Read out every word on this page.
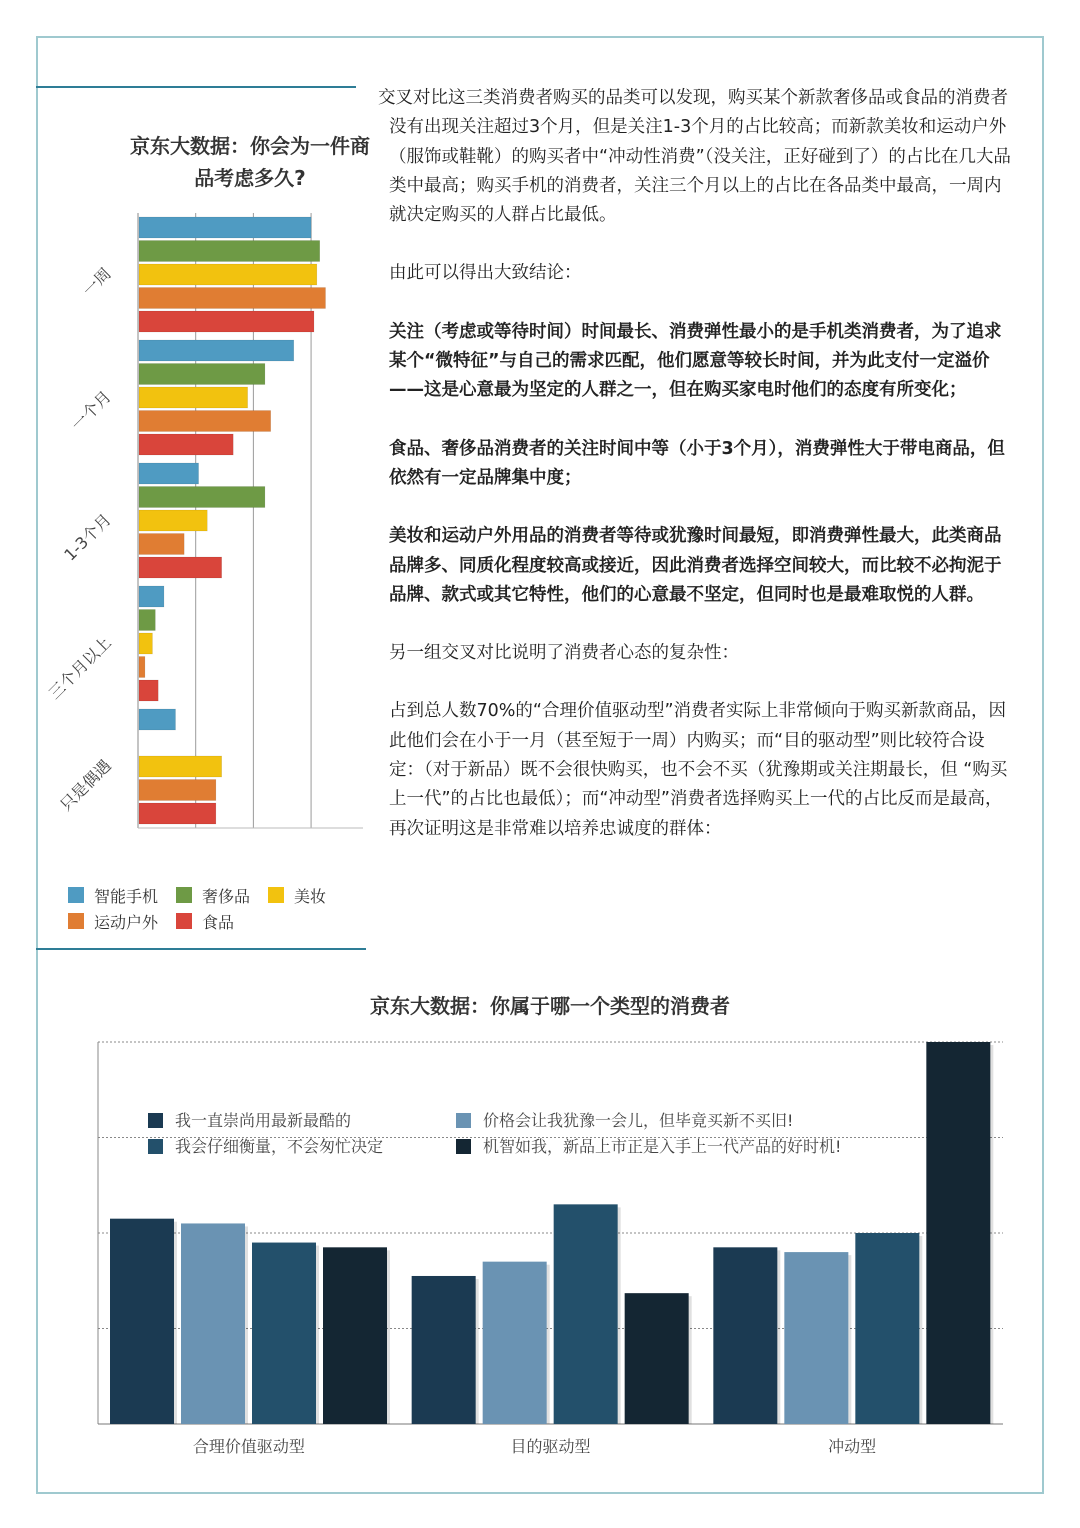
京东大数据：你会为一件商品考虑多久?
一周
一个月
1-3个月
三个月以上
只是偶遇
智能手机	奢侈品	美妆

运动户外	食品
交叉对比这三类消费者购买的品类可以发现，购买某个新款奢侈品或食品的消费者没有出现关注超过3个月，但是关注1-3个月的占比较高；而新款美妆和运动户外（服饰或鞋靴）的购买者中“冲动性消费”（没关注，正好碰到了）的占比在几大品类中最高；购买手机的消费者，关注三个月以上的占比在各品类中最高，一周内就决定购买的人群占比最低。
由此可以得出大致结论：
关注（考虑或等待时间）时间最长、消费弹性最小的是手机类消费者，为了追求某个“微特征”与自己的需求匹配，他们愿意等较长时间，并为此支付一定溢价——这是心意最为坚定的人群之一，但在购买家电时他们的态度有所变化；
食品、奢侈品消费者的关注时间中等（小于3个月），消费弹性大于带电商品，但依然有一定品牌集中度；
美妆和运动户外用品的消费者等待或犹豫时间最短，即消费弹性最大，此类商品品牌多、同质化程度较高或接近，因此消费者选择空间较大，而比较不必拘泥于品牌、款式或其它特性，他们的心意最不坚定，但同时也是最难取悦的人群。
另一组交叉对比说明了消费者心态的复杂性：
占到总人数70%的“合理价值驱动型”消费者实际上非常倾向于购买新款商品，因此他们会在小于一月（甚至短于一周）内购买；而“目的驱动型”则比较符合设定：（对于新品）既不会很快购买，也不会不买（犹豫期或关注期最长，但 “购买上一代”的占比也最低）；而“冲动型”消费者选择购买上一代的占比反而是最高，再次证明这是非常难以培养忠诚度的群体：
京东大数据：你属于哪一个类型的消费者
合理价值驱动型	目的驱动型	冲动型
我一直崇尚用最新最酷的	价格会让我犹豫一会儿，但毕竟买新不买旧!
我会仔细衡量，不会匆忙决定	机智如我，新品上市正是入手上一代产品的好时机!
